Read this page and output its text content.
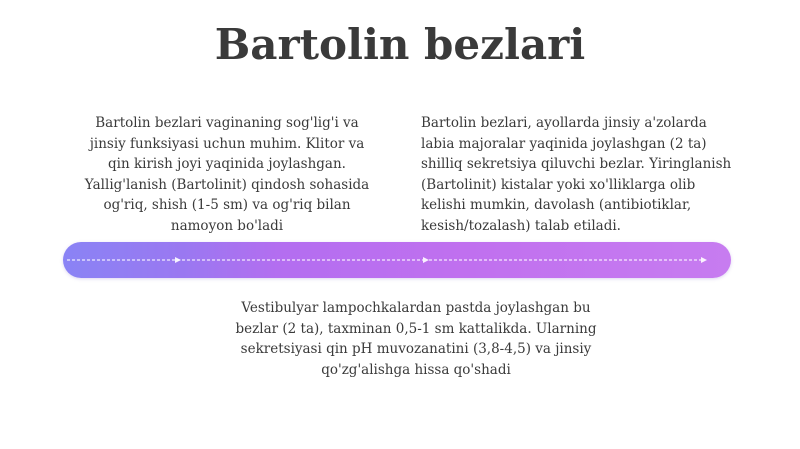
Bartolin bezlari

Bartolin bezlari vaginaning sog'lig'i va jinsiy funksiyasi uchun muhim. Klitor va qin kirish joyi yaqinida joylashgan. Yallig'lanish (Bartolinit) qindosh sohasida og'riq, shish (1-5 sm) va og'riq bilan namoyon bo'ladi

Bartolin bezlari, ayollarda jinsiy a'zolarda labia majoralar yaqinida joylashgan (2 ta) shilliq sekretsiya qiluvchi bezlar. Yiringlanish (Bartolinit) kistalar yoki xo'lliklarga olib kelishi mumkin, davolash (antibiotiklar, kesish/tozalash) talab etiladi.

Vestibulyar lampochkalardan pastda joylashgan bu bezlar (2 ta), taxminan 0,5-1 sm kattalikda. Ularning sekretsiyasi qin pH muvozanatini (3,8-4,5) va jinsiy qo'zg'alishga hissa qo'shadi
